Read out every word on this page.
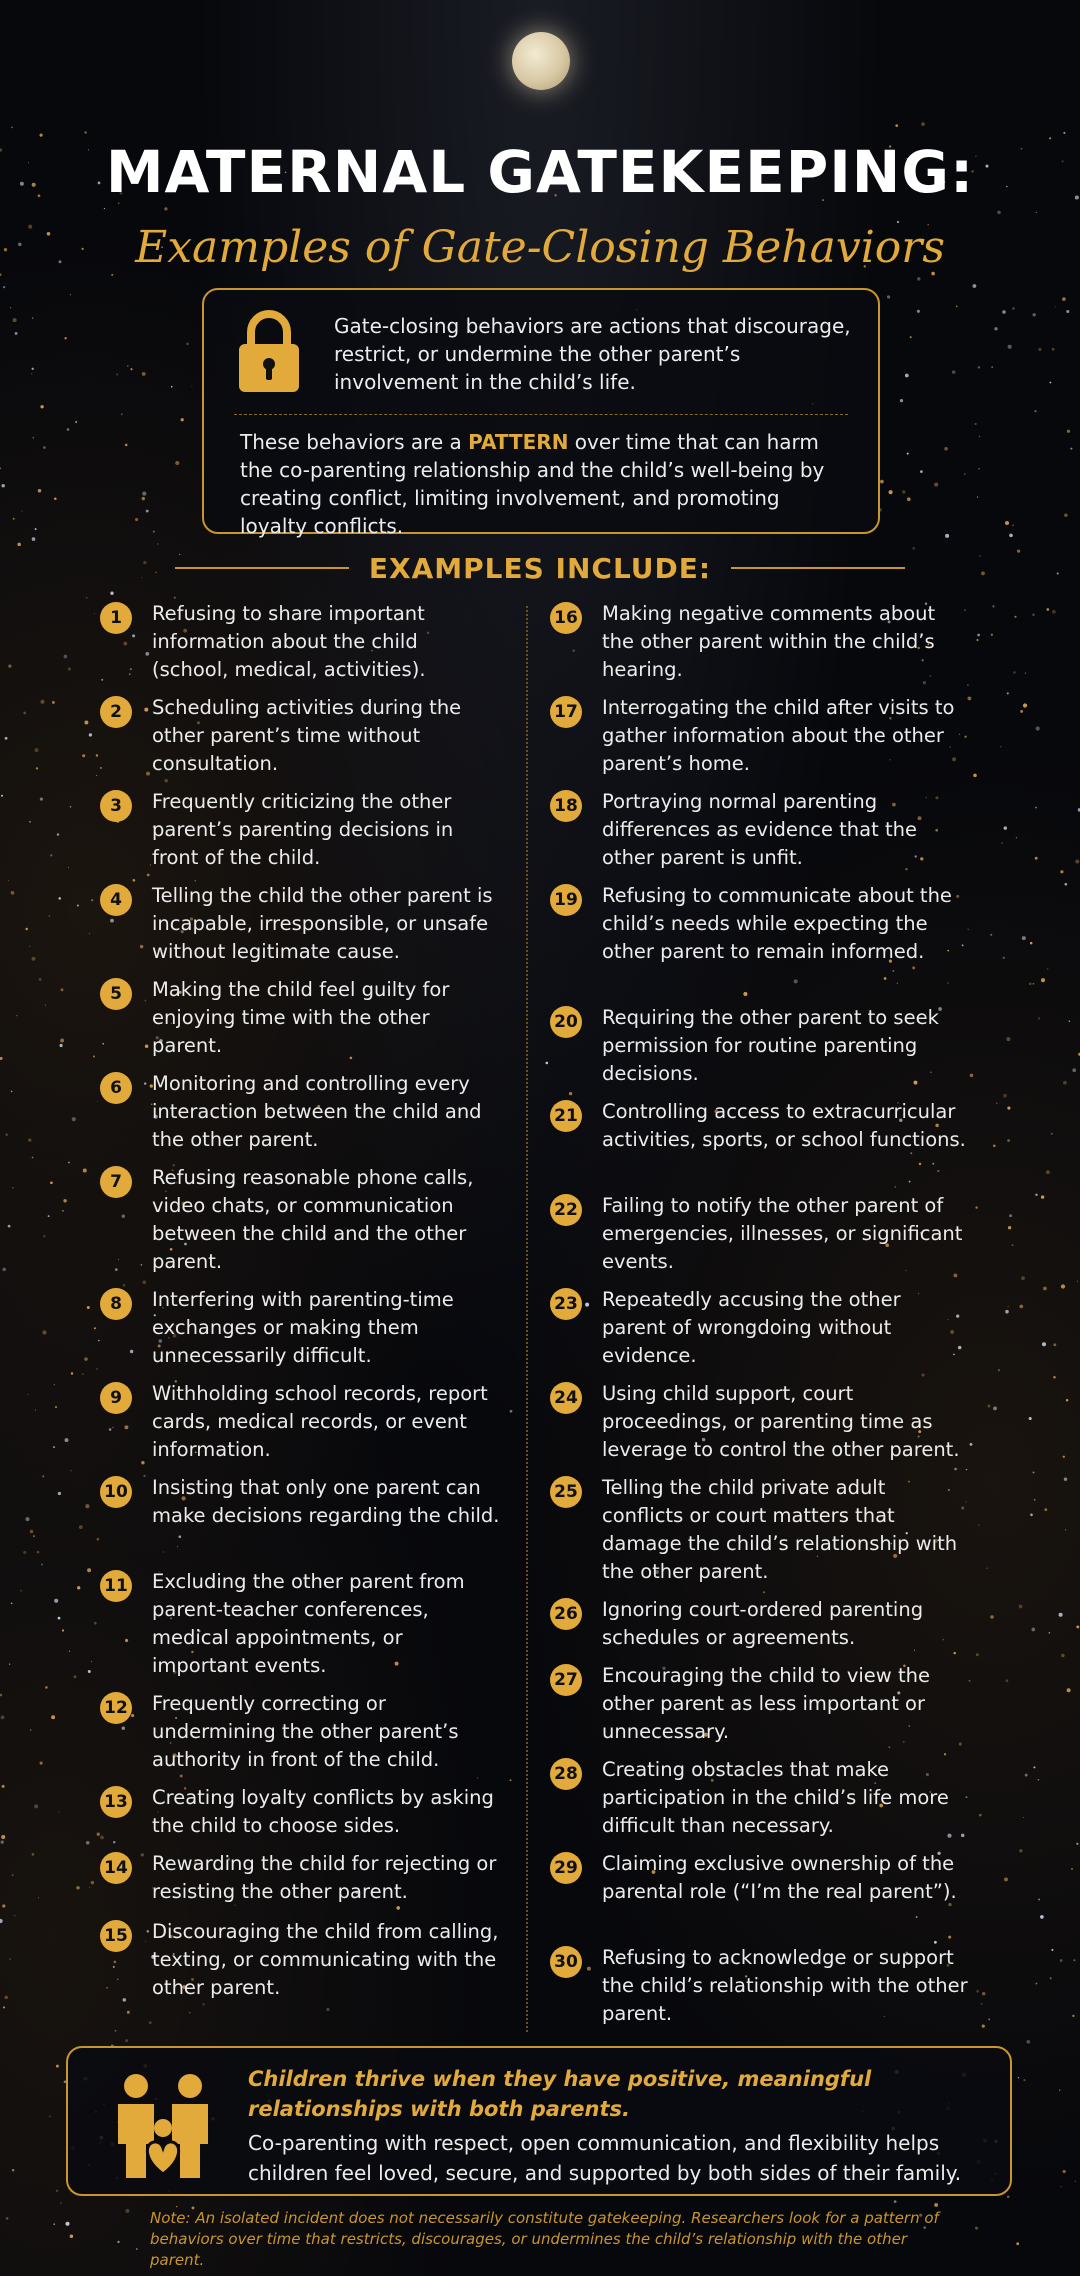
MATERNAL GATEKEEPING:
Examples of Gate-Closing Behaviors
Gate-closing behaviors are actions that discourage, restrict, or undermine the other parent’s involvement in the child’s life.
These behaviors are a PATTERN over time that can harm the co-parenting relationship and the child’s well-being by creating conflict, limiting involvement, and promoting loyalty conflicts.
EXAMPLES INCLUDE:
1	Refusing to share important information about the child (school, medical, activities).
2	Scheduling activities during the other parent’s time without consultation.
3	Frequently criticizing the other parent’s parenting decisions in front of the child.
4	Telling the child the other parent is incapable, irresponsible, or unsafe without legitimate cause.
5	Making the child feel guilty for enjoying time with the other parent.
6	Monitoring and controlling every interaction between the child and the other parent.
7	Refusing reasonable phone calls, video chats, or communication between the child and the other parent.
8	Interfering with parenting-time exchanges or making them unnecessarily difficult.
9	Withholding school records, report cards, medical records, or event information.
10 Insisting that only one parent can make decisions regarding the child.
11 Excluding the other parent from parent-teacher conferences, medical appointments, or important events.
12 Frequently correcting or undermining the other parent’s authority in front of the child.
13 Creating loyalty conflicts by asking the child to choose sides.
14 Rewarding the child for rejecting or resisting the other parent.
15 Discouraging the child from calling, texting, or communicating with the other parent.
16 Making negative comments about the other parent within the child’s hearing.
17 Interrogating the child after visits to gather information about the other parent’s home.
18 Portraying normal parenting differences as evidence that the other parent is unfit.
19 Refusing to communicate about the child’s needs while expecting the other parent to remain informed.
20 Requiring the other parent to seek permission for routine parenting decisions.
21 Controlling access to extracurricular activities, sports, or school functions.
22 Failing to notify the other parent of emergencies, illnesses, or significant events.
23 Repeatedly accusing the other parent of wrongdoing without evidence.
24 Using child support, court proceedings, or parenting time as leverage to control the other parent.
25 Telling the child private adult conflicts or court matters that damage the child’s relationship with the other parent.
26 Ignoring court-ordered parenting schedules or agreements.
27 Encouraging the child to view the other parent as less important or unnecessary.
28 Creating obstacles that make participation in the child’s life more difficult than necessary.
29 Claiming exclusive ownership of the parental role (“I’m the real parent”).
30 Refusing to acknowledge or support the child’s relationship with the other parent.
Children thrive when they have positive, meaningful relationships with both parents.
Co-parenting with respect, open communication, and flexibility helps children feel loved, secure, and supported by both sides of their family.
Note: An isolated incident does not necessarily constitute gatekeeping. Researchers look for a pattern of behaviors over time that restricts, discourages, or undermines the child’s relationship with the other parent.
